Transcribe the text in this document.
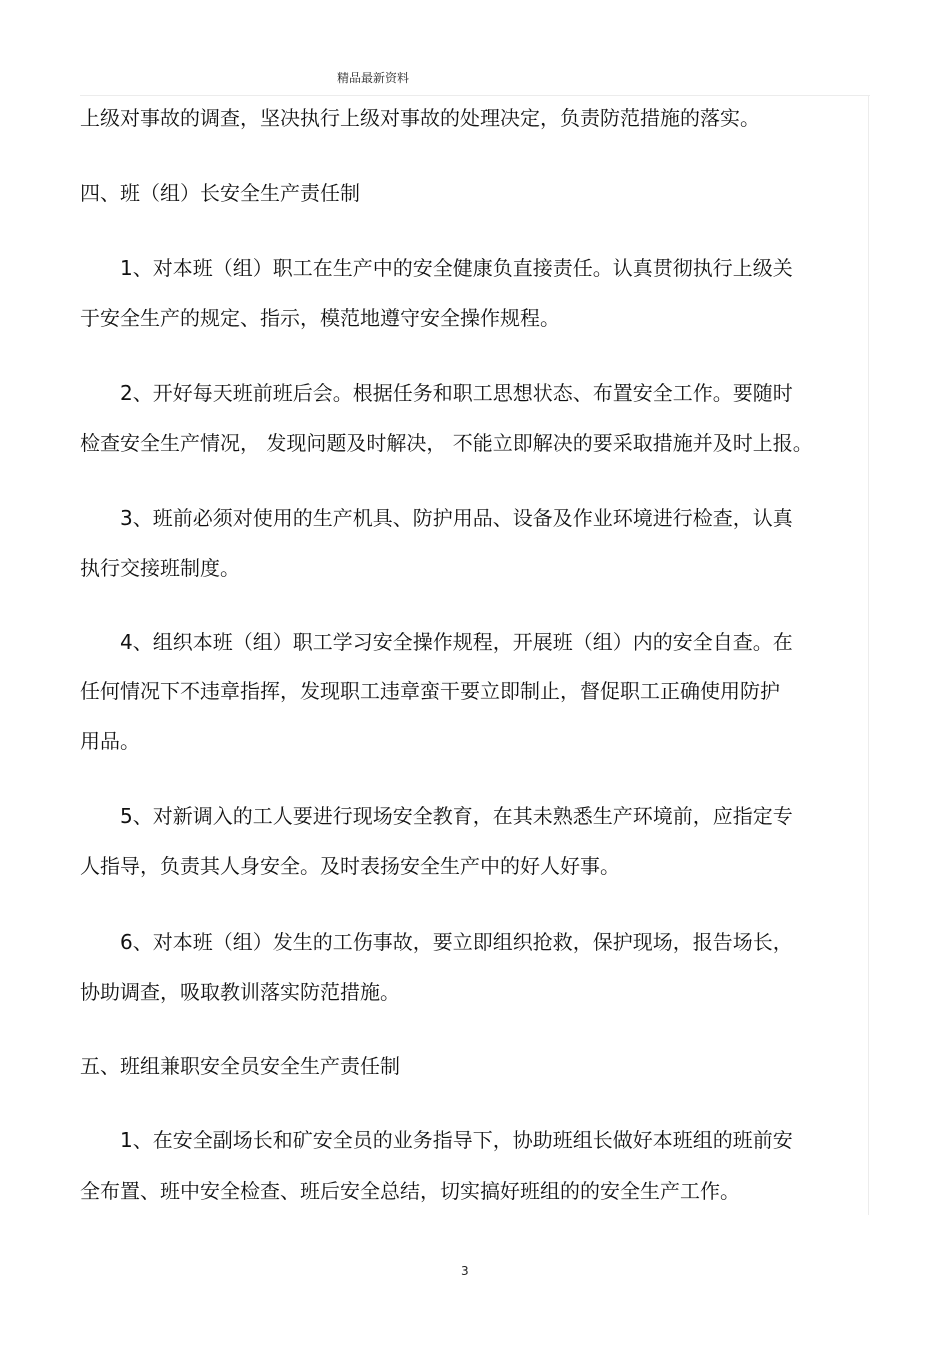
精品最新资料
上级对事故的调查，坚决执行上级对事故的处理决定，负责防范措施的落实。
四、班（组）长安全生产责任制
1、对本班（组）职工在生产中的安全健康负直接责任。认真贯彻执行上级关
于安全生产的规定、指示，模范地遵守安全操作规程。
2、开好每天班前班后会。根据任务和职工思想状态、布置安全工作。要随时
检查安全生产情况， 发现问题及时解决， 不能立即解决的要采取措施并及时上报。
3、班前必须对使用的生产机具、防护用品、设备及作业环境进行检查，认真
执行交接班制度。
4、组织本班（组）职工学习安全操作规程，开展班（组）内的安全自查。在
任何情况下不违章指挥，发现职工违章蛮干要立即制止，督促职工正确使用防护
用品。
5、对新调入的工人要进行现场安全教育，在其未熟悉生产环境前，应指定专
人指导，负责其人身安全。及时表扬安全生产中的好人好事。
6、对本班（组）发生的工伤事故，要立即组织抢救，保护现场，报告场长，
协助调查，吸取教训落实防范措施。
五、班组兼职安全员安全生产责任制
1、在安全副场长和矿安全员的业务指导下，协助班组长做好本班组的班前安
全布置、班中安全检查、班后安全总结，切实搞好班组的的安全生产工作。
3
